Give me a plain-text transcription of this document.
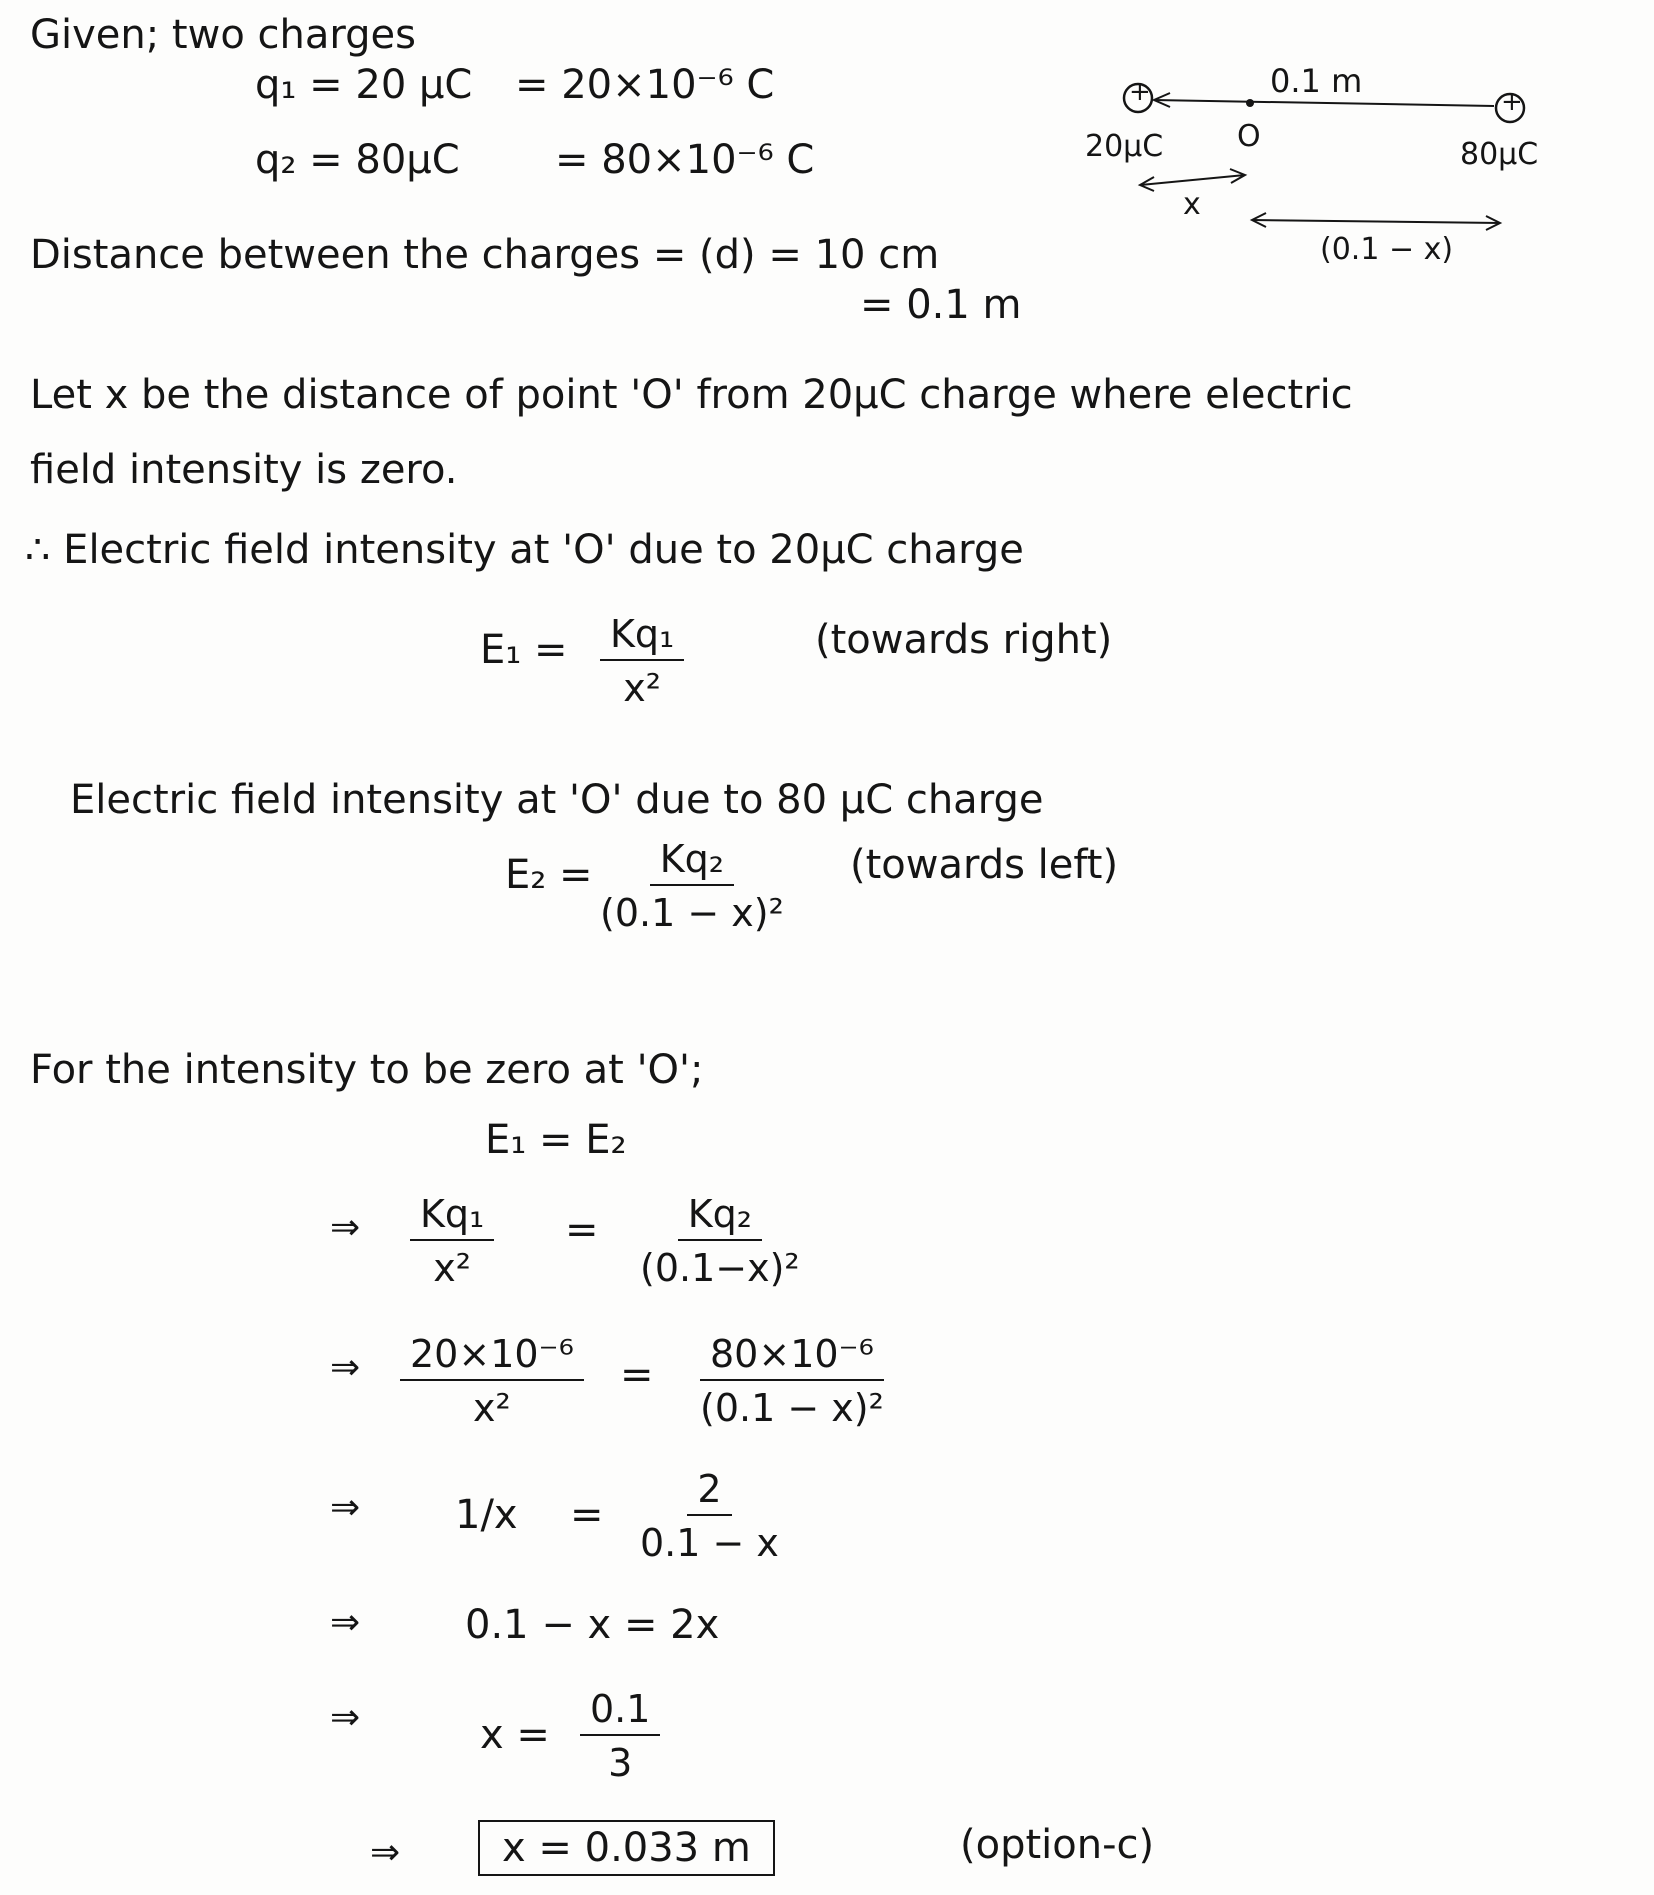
Given; two charges
q₁ = 20 μC = 20×10⁻⁶ C
q₂ = 80μC = 80×10⁻⁶ C
Distance between the charges = (d) = 10 cm
= 0.1 m
+	+
0.1 m
20μC O
80μC
x
(0.1 − x)
Let x be the distance of point 'O' from 20μC charge where electric
field intensity is zero.
∴ Electric field intensity at 'O' due to 20μC charge
$E_1 = \frac{\text{Kq₁}}{\text{x²}}$	(towards right)
Electric field intensity at 'O' due to 80 μC charge
$E_2 = \frac{\text{Kq₂}}{\text{(0.1 − x)²}}$ (towards left)
For the intensity to be zero at 'O';
E₁ = E₂
⇒ $\frac{\text{Kq₁}}{\text{x²}} = \frac{\text{Kq₂}}{\text{(0.1−x)²}}$
⇒ $\frac{\text{20×10⁻⁶}}{\text{x²}} = \frac{\text{80×10⁻⁶}}{\text{(0.1 − x)²}}$
⇒ $1/x = \frac{2}{0.1 - x}$
⇒	0.1 − x = 2x
⇒	$x = \frac{0.1}{3}$
⇒	x = 0.033 m	(option-c)
